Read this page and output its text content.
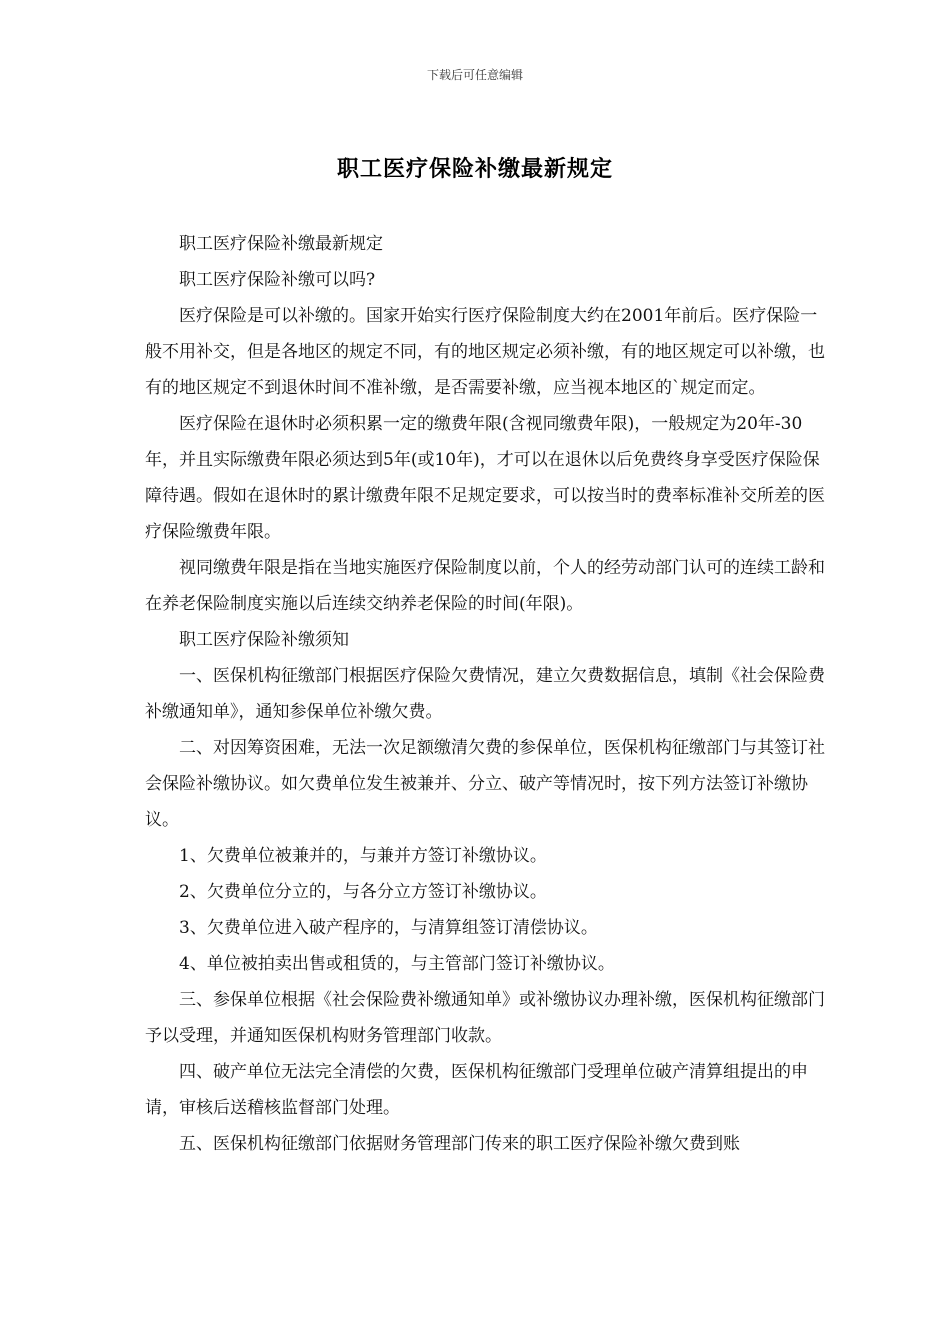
下载后可任意编辑
职工医疗保险补缴最新规定

职工医疗保险补缴最新规定

职工医疗保险补缴可以吗?

医疗保险是可以补缴的。国家开始实行医疗保险制度大约在2001年前后。医疗保险一般不用补交，但是各地区的规定不同，有的地区规定必须补缴，有的地区规定可以补缴，也有的地区规定不到退休时间不准补缴，是否需要补缴，应当视本地区的`规定而定。

医疗保险在退休时必须积累一定的缴费年限(含视同缴费年限)，一般规定为20年-30年，并且实际缴费年限必须达到5年(或10年)，才可以在退休以后免费终身享受医疗保险保障待遇。假如在退休时的累计缴费年限不足规定要求，可以按当时的费率标准补交所差的医疗保险缴费年限。

视同缴费年限是指在当地实施医疗保险制度以前，个人的经劳动部门认可的连续工龄和在养老保险制度实施以后连续交纳养老保险的时间(年限)。

职工医疗保险补缴须知

一、医保机构征缴部门根据医疗保险欠费情况，建立欠费数据信息，填制《社会保险费补缴通知单》，通知参保单位补缴欠费。

二、对因筹资困难，无法一次足额缴清欠费的参保单位，医保机构征缴部门与其签订社会保险补缴协议。如欠费单位发生被兼并、分立、破产等情况时，按下列方法签订补缴协议。

1、欠费单位被兼并的，与兼并方签订补缴协议。

2、欠费单位分立的，与各分立方签订补缴协议。

3、欠费单位进入破产程序的，与清算组签订清偿协议。

4、单位被拍卖出售或租赁的，与主管部门签订补缴协议。

三、参保单位根据《社会保险费补缴通知单》或补缴协议办理补缴，医保机构征缴部门予以受理，并通知医保机构财务管理部门收款。

四、破产单位无法完全清偿的欠费，医保机构征缴部门受理单位破产清算组提出的申请，审核后送稽核监督部门处理。

五、医保机构征缴部门依据财务管理部门传来的职工医疗保险补缴欠费到账
